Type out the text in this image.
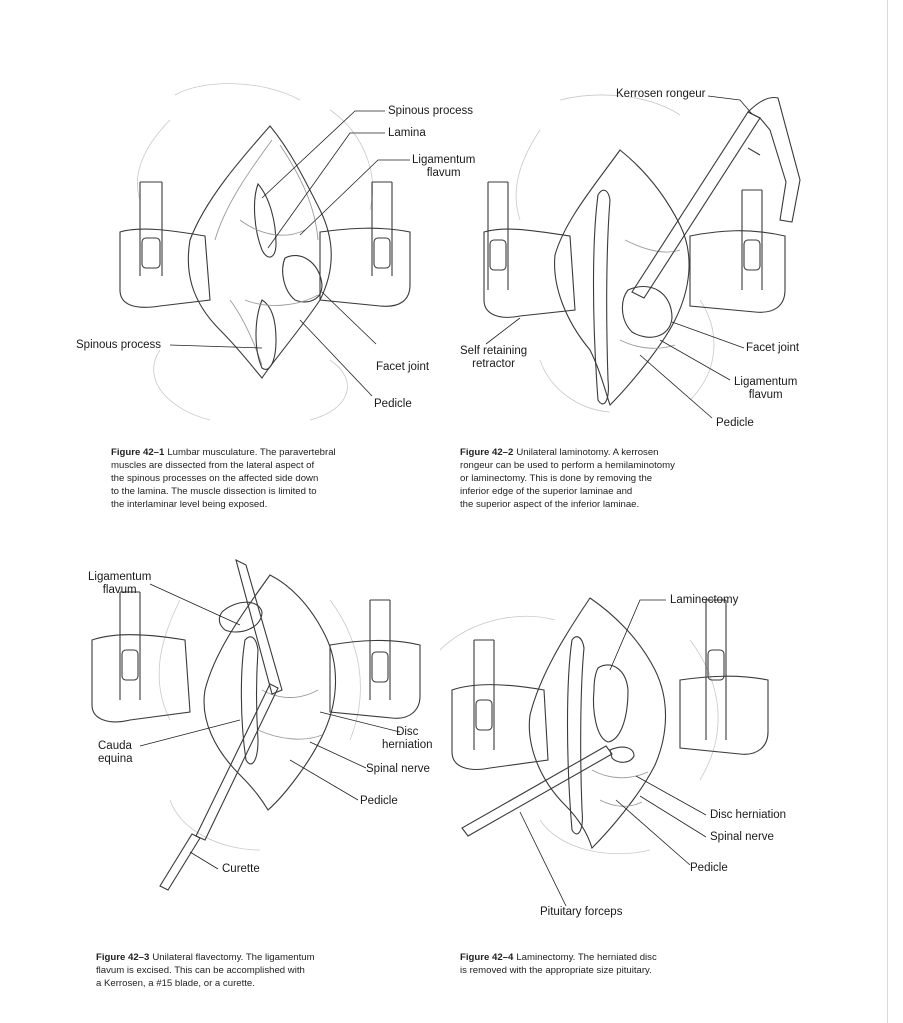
Spinous process
Lamina
Ligamentum
flavum
Spinous process
Facet joint
Pedicle
Figure 42–1 Lumbar musculature. The paravertebral
muscles are dissected from the lateral aspect of
the spinous processes on the affected side down
to the lamina. The muscle dissection is limited to
the interlaminar level being exposed.
Kerrosen rongeur
Self retaining
retractor
Facet joint
Ligamentum
flavum
Pedicle
Figure 42–2 Unilateral laminotomy. A kerrosen
rongeur can be used to perform a hemilaminotomy
or laminectomy. This is done by removing the
inferior edge of the superior laminae and
the superior aspect of the inferior laminae.
Ligamentum
flavum
Disc
herniation
Cauda
equina
Spinal nerve
Pedicle
Curette
Figure 42–3 Unilateral flavectomy. The ligamentum
flavum is excised. This can be accomplished with
a Kerrosen, a #15 blade, or a curette.
Laminectomy
Disc herniation
Spinal nerve
Pedicle
Pituitary forceps
Figure 42–4 Laminectomy. The herniated disc
is removed with the appropriate size pituitary.
